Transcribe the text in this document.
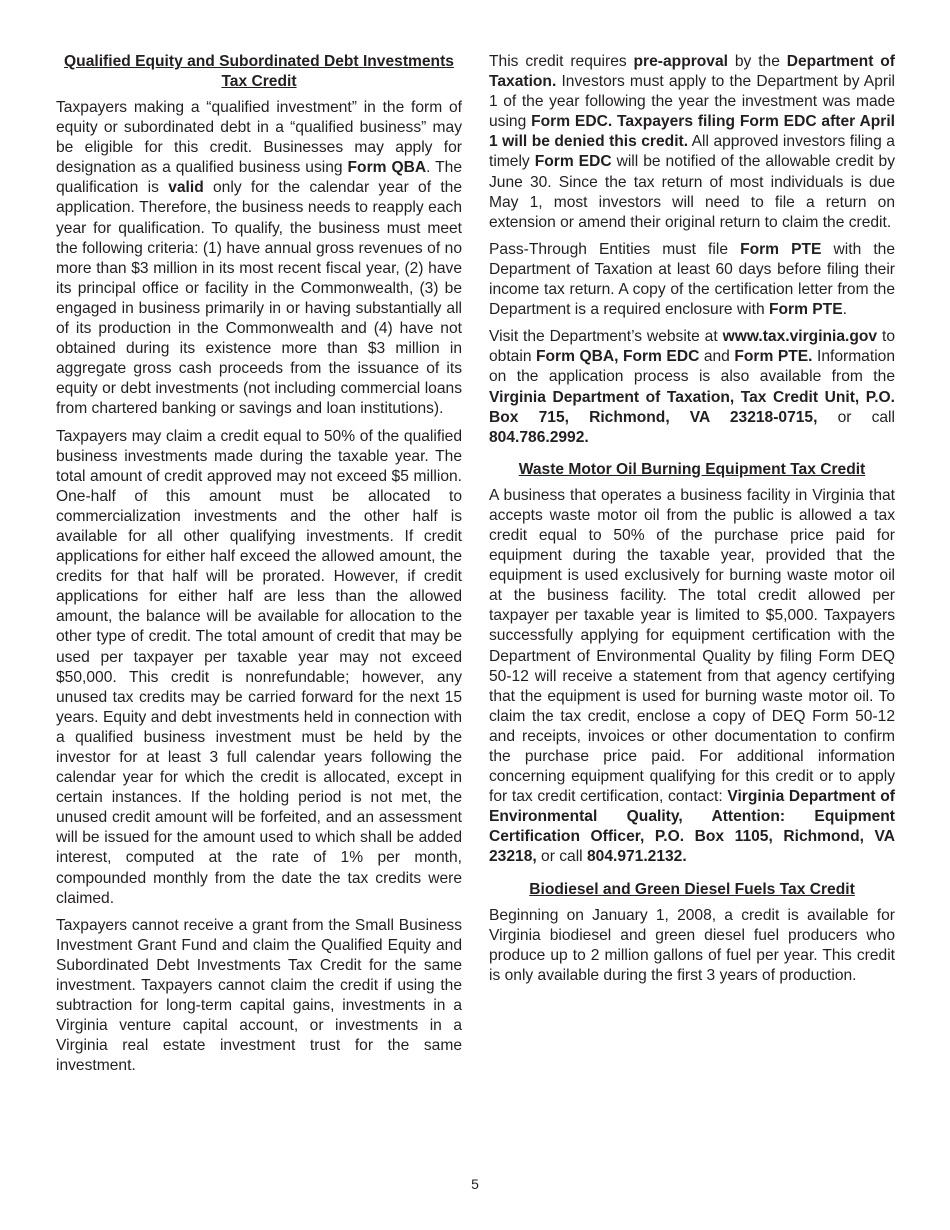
Qualified Equity and Subordinated Debt Investments Tax Credit
Taxpayers making a “qualified investment” in the form of equity or subordinated debt in a “qualified business” may be eligible for this credit. Businesses may apply for designation as a qualified business using Form QBA. The qualification is valid only for the calendar year of the application. Therefore, the business needs to reapply each year for qualification. To qualify, the business must meet the following criteria: (1) have annual gross revenues of no more than $3 million in its most recent fiscal year, (2) have its principal office or facility in the Commonwealth, (3) be engaged in business primarily in or having substantially all of its production in the Commonwealth and (4) have not obtained during its existence more than $3 million in aggregate gross cash proceeds from the issuance of its equity or debt investments (not including commercial loans from chartered banking or savings and loan institutions).
Taxpayers may claim a credit equal to 50% of the qualified business investments made during the taxable year. The total amount of credit approved may not exceed $5 million. One-half of this amount must be allocated to commercialization investments and the other half is available for all other qualifying investments. If credit applications for either half exceed the allowed amount, the credits for that half will be prorated. However, if credit applications for either half are less than the allowed amount, the balance will be available for allocation to the other type of credit. The total amount of credit that may be used per taxpayer per taxable year may not exceed $50,000. This credit is nonrefundable; however, any unused tax credits may be carried forward for the next 15 years. Equity and debt investments held in connection with a qualified business investment must be held by the investor for at least 3 full calendar years following the calendar year for which the credit is allocated, except in certain instances. If the holding period is not met, the unused credit amount will be forfeited, and an assessment will be issued for the amount used to which shall be added interest, computed at the rate of 1% per month, compounded monthly from the date the tax credits were claimed.
Taxpayers cannot receive a grant from the Small Business Investment Grant Fund and claim the Qualified Equity and Subordinated Debt Investments Tax Credit for the same investment. Taxpayers cannot claim the credit if using the subtraction for long-term capital gains, investments in a Virginia venture capital account, or investments in a Virginia real estate investment trust for the same investment.
This credit requires pre-approval by the Department of Taxation. Investors must apply to the Department by April 1 of the year following the year the investment was made using Form EDC. Taxpayers filing Form EDC after April 1 will be denied this credit. All approved investors filing a timely Form EDC will be notified of the allowable credit by June 30. Since the tax return of most individuals is due May 1, most investors will need to file a return on extension or amend their original return to claim the credit.
Pass-Through Entities must file Form PTE with the Department of Taxation at least 60 days before filing their income tax return. A copy of the certification letter from the Department is a required enclosure with Form PTE.
Visit the Department’s website at www.tax.virginia.gov to obtain Form QBA, Form EDC and Form PTE. Information on the application process is also available from the Virginia Department of Taxation, Tax Credit Unit, P.O. Box 715, Richmond, VA 23218-0715, or call 804.786.2992.
Waste Motor Oil Burning Equipment Tax Credit
A business that operates a business facility in Virginia that accepts waste motor oil from the public is allowed a tax credit equal to 50% of the purchase price paid for equipment during the taxable year, provided that the equipment is used exclusively for burning waste motor oil at the business facility. The total credit allowed per taxpayer per taxable year is limited to $5,000. Taxpayers successfully applying for equipment certification with the Department of Environmental Quality by filing Form DEQ 50-12 will receive a statement from that agency certifying that the equipment is used for burning waste motor oil. To claim the tax credit, enclose a copy of DEQ Form 50-12 and receipts, invoices or other documentation to confirm the purchase price paid. For additional information concerning equipment qualifying for this credit or to apply for tax credit certification, contact: Virginia Department of Environmental Quality, Attention: Equipment Certification Officer, P.O. Box 1105, Richmond, VA 23218, or call 804.971.2132.
Biodiesel and Green Diesel Fuels Tax Credit
Beginning on January 1, 2008, a credit is available for Virginia biodiesel and green diesel fuel producers who produce up to 2 million gallons of fuel per year. This credit is only available during the first 3 years of production.
5
